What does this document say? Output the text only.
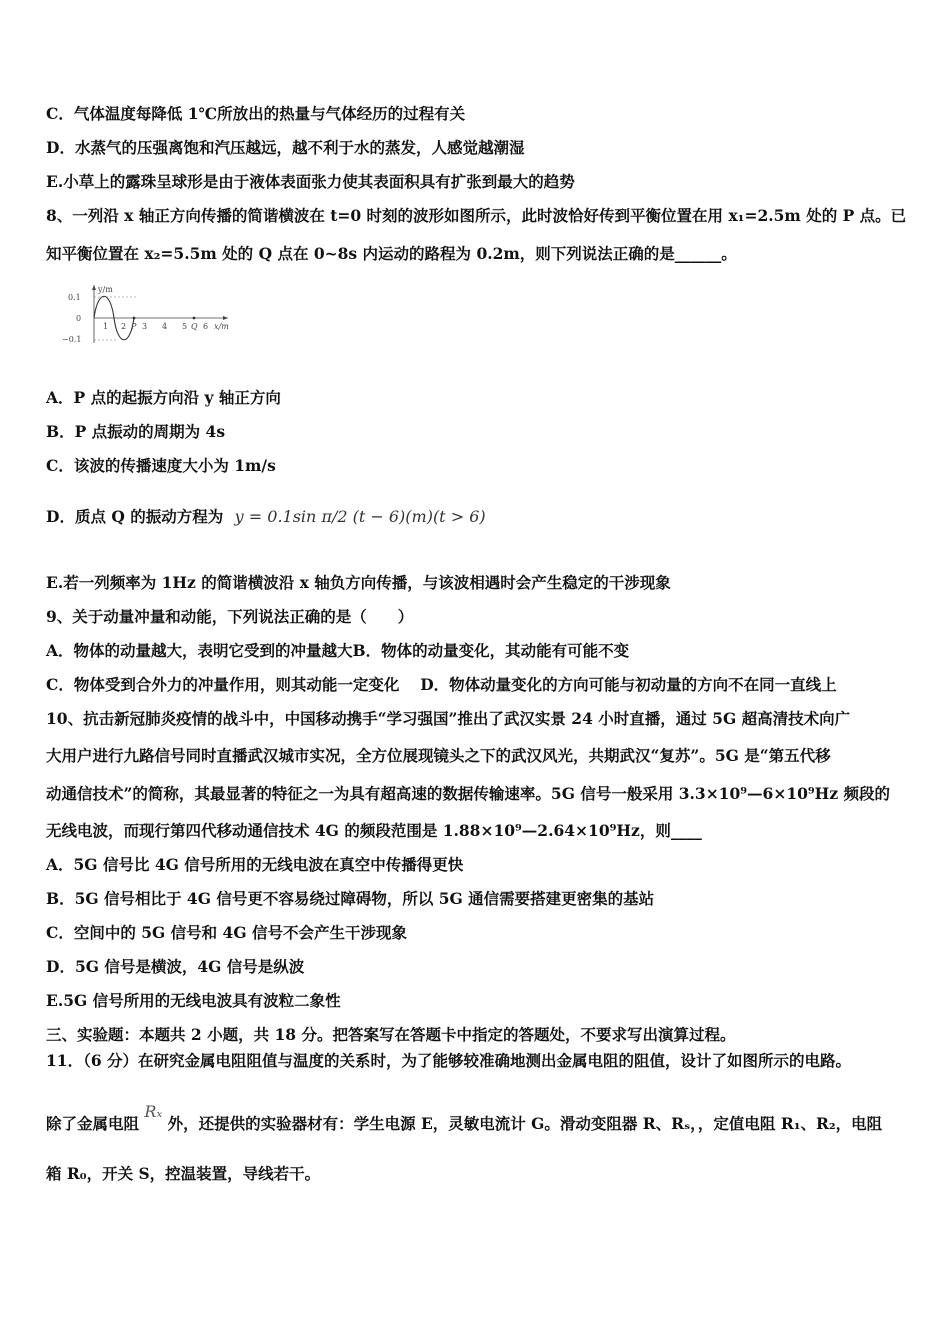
C．气体温度每降低 1℃所放出的热量与气体经历的过程有关
D．水蒸气的压强离饱和汽压越远，越不利于水的蒸发，人感觉越潮湿
E.小草上的露珠呈球形是由于液体表面张力使其表面积具有扩张到最大的趋势
8、一列沿 x 轴正方向传播的简谐横波在 t=0 时刻的波形如图所示，此时波恰好传到平衡位置在用 x₁=2.5m 处的 P 点。已
知平衡位置在 x₂=5.5m 处的 Q 点在 0~8s 内运动的路程为 0.2m，则下列说法正确的是______。
y/m
x/m
0.1
0
−0.1
1 2 3 4 5 6
P	Q
A．P 点的起振方向沿 y 轴正方向
B．P 点振动的周期为 4s
C．该波的传播速度大小为 1m/s
D．质点 Q 的振动方程为 y = 0.1sin π/2 (t − 6)(m)(t > 6)
E.若一列频率为 1Hz 的简谐横波沿 x 轴负方向传播，与该波相遇时会产生稳定的干涉现象
9、关于动量冲量和动能，下列说法正确的是（　　）
A．物体的动量越大，表明它受到的冲量越大B．物体的动量变化，其动能有可能不变
C．物体受到合外力的冲量作用，则其动能一定变化　 D．物体动量变化的方向可能与初动量的方向不在同一直线上
10、抗击新冠肺炎疫情的战斗中，中国移动携手“学习强国”推出了武汉实景 24 小时直播，通过 5G 超高清技术向广
大用户进行九路信号同时直播武汉城市实况，全方位展现镜头之下的武汉风光，共期武汉“复苏”。5G 是“第五代移
动通信技术”的简称，其最显著的特征之一为具有超高速的数据传输速率。5G 信号一般采用 3.3×10⁹—6×10⁹Hz 频段的
无线电波，而现行第四代移动通信技术 4G 的频段范围是 1.88×10⁹—2.64×10⁹Hz，则____
A．5G 信号比 4G 信号所用的无线电波在真空中传播得更快
B．5G 信号相比于 4G 信号更不容易绕过障碍物，所以 5G 通信需要搭建更密集的基站
C．空间中的 5G 信号和 4G 信号不会产生干涉现象
D．5G 信号是横波，4G 信号是纵波
E.5G 信号所用的无线电波具有波粒二象性
三、实验题：本题共 2 小题，共 18 分。把答案写在答题卡中指定的答题处，不要求写出演算过程。
11．（6 分）在研究金属电阻阻值与温度的关系时，为了能够较准确地测出金属电阻的阻值，设计了如图所示的电路。
除了金属电阻 Rₓ 外，还提供的实验器材有：学生电源 E，灵敏电流计 G。滑动变阻器 R、Rₛ，，定值电阻 R₁、R₂，电阻
箱 R₀，开关 S，控温装置，导线若干。
